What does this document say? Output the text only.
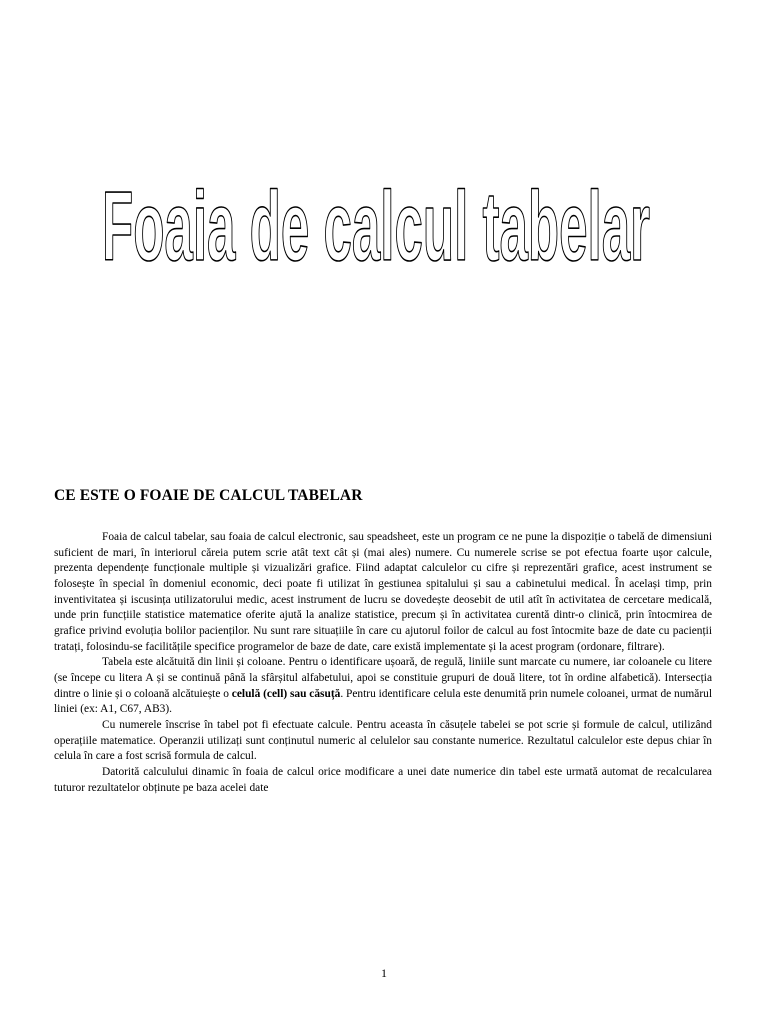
Foaia de calcul tabelar
CE ESTE O FOAIE DE CALCUL TABELAR

Foaia de calcul tabelar, sau foaia de calcul electronic, sau speadsheet, este un program ce ne pune la dispoziție o tabelă de dimensiuni suficient de mari, în interiorul căreia putem scrie atât text cât și (mai ales) numere. Cu numerele scrise se pot efectua foarte ușor calcule, prezenta dependențe funcționale multiple și vizualizări grafice. Fiind adaptat calculelor cu cifre și reprezentări grafice, acest instrument se folosește în special în domeniul economic, deci poate fi utilizat în gestiunea spitalului și sau a cabinetului medical. În același timp, prin inventivitatea și iscusința utilizatorului medic, acest instrument de lucru se dovedește deosebit de util atît în activitatea de cercetare medicală, unde prin funcțiile statistice matematice oferite ajută la analize statistice, precum și în activitatea curentă dintr-o clinică, prin întocmirea de grafice privind evoluția bolilor pacienților. Nu sunt rare situațiile în care cu ajutorul foilor de calcul au fost întocmite baze de date cu pacienții tratați, folosindu-se facilitățile specifice programelor de baze de date, care există implementate și la acest program (ordonare, filtrare).

Tabela este alcătuită din linii și coloane. Pentru o identificare ușoară, de regulă, liniile sunt marcate cu numere, iar coloanele cu litere (se începe cu litera A și se continuă până la sfârșitul alfabetului, apoi se constituie grupuri de două litere, tot în ordine alfabetică). Intersecția dintre o linie și o coloană alcătuiește o celulă (cell) sau căsuță. Pentru identificare celula este denumită prin numele coloanei, urmat de numărul liniei (ex: A1, C67, AB3).

Cu numerele înscrise în tabel pot fi efectuate calcule. Pentru aceasta în căsuțele tabelei se pot scrie și formule de calcul, utilizând operațiile matematice. Operanzii utilizați sunt conținutul numeric al celulelor sau constante numerice. Rezultatul calculelor este depus chiar în celula în care a fost scrisă formula de calcul.

Datorită calculului dinamic în foaia de calcul orice modificare a unei date numerice din tabel este urmată automat de recalcularea tuturor rezultatelor obținute pe baza acelei date

1
